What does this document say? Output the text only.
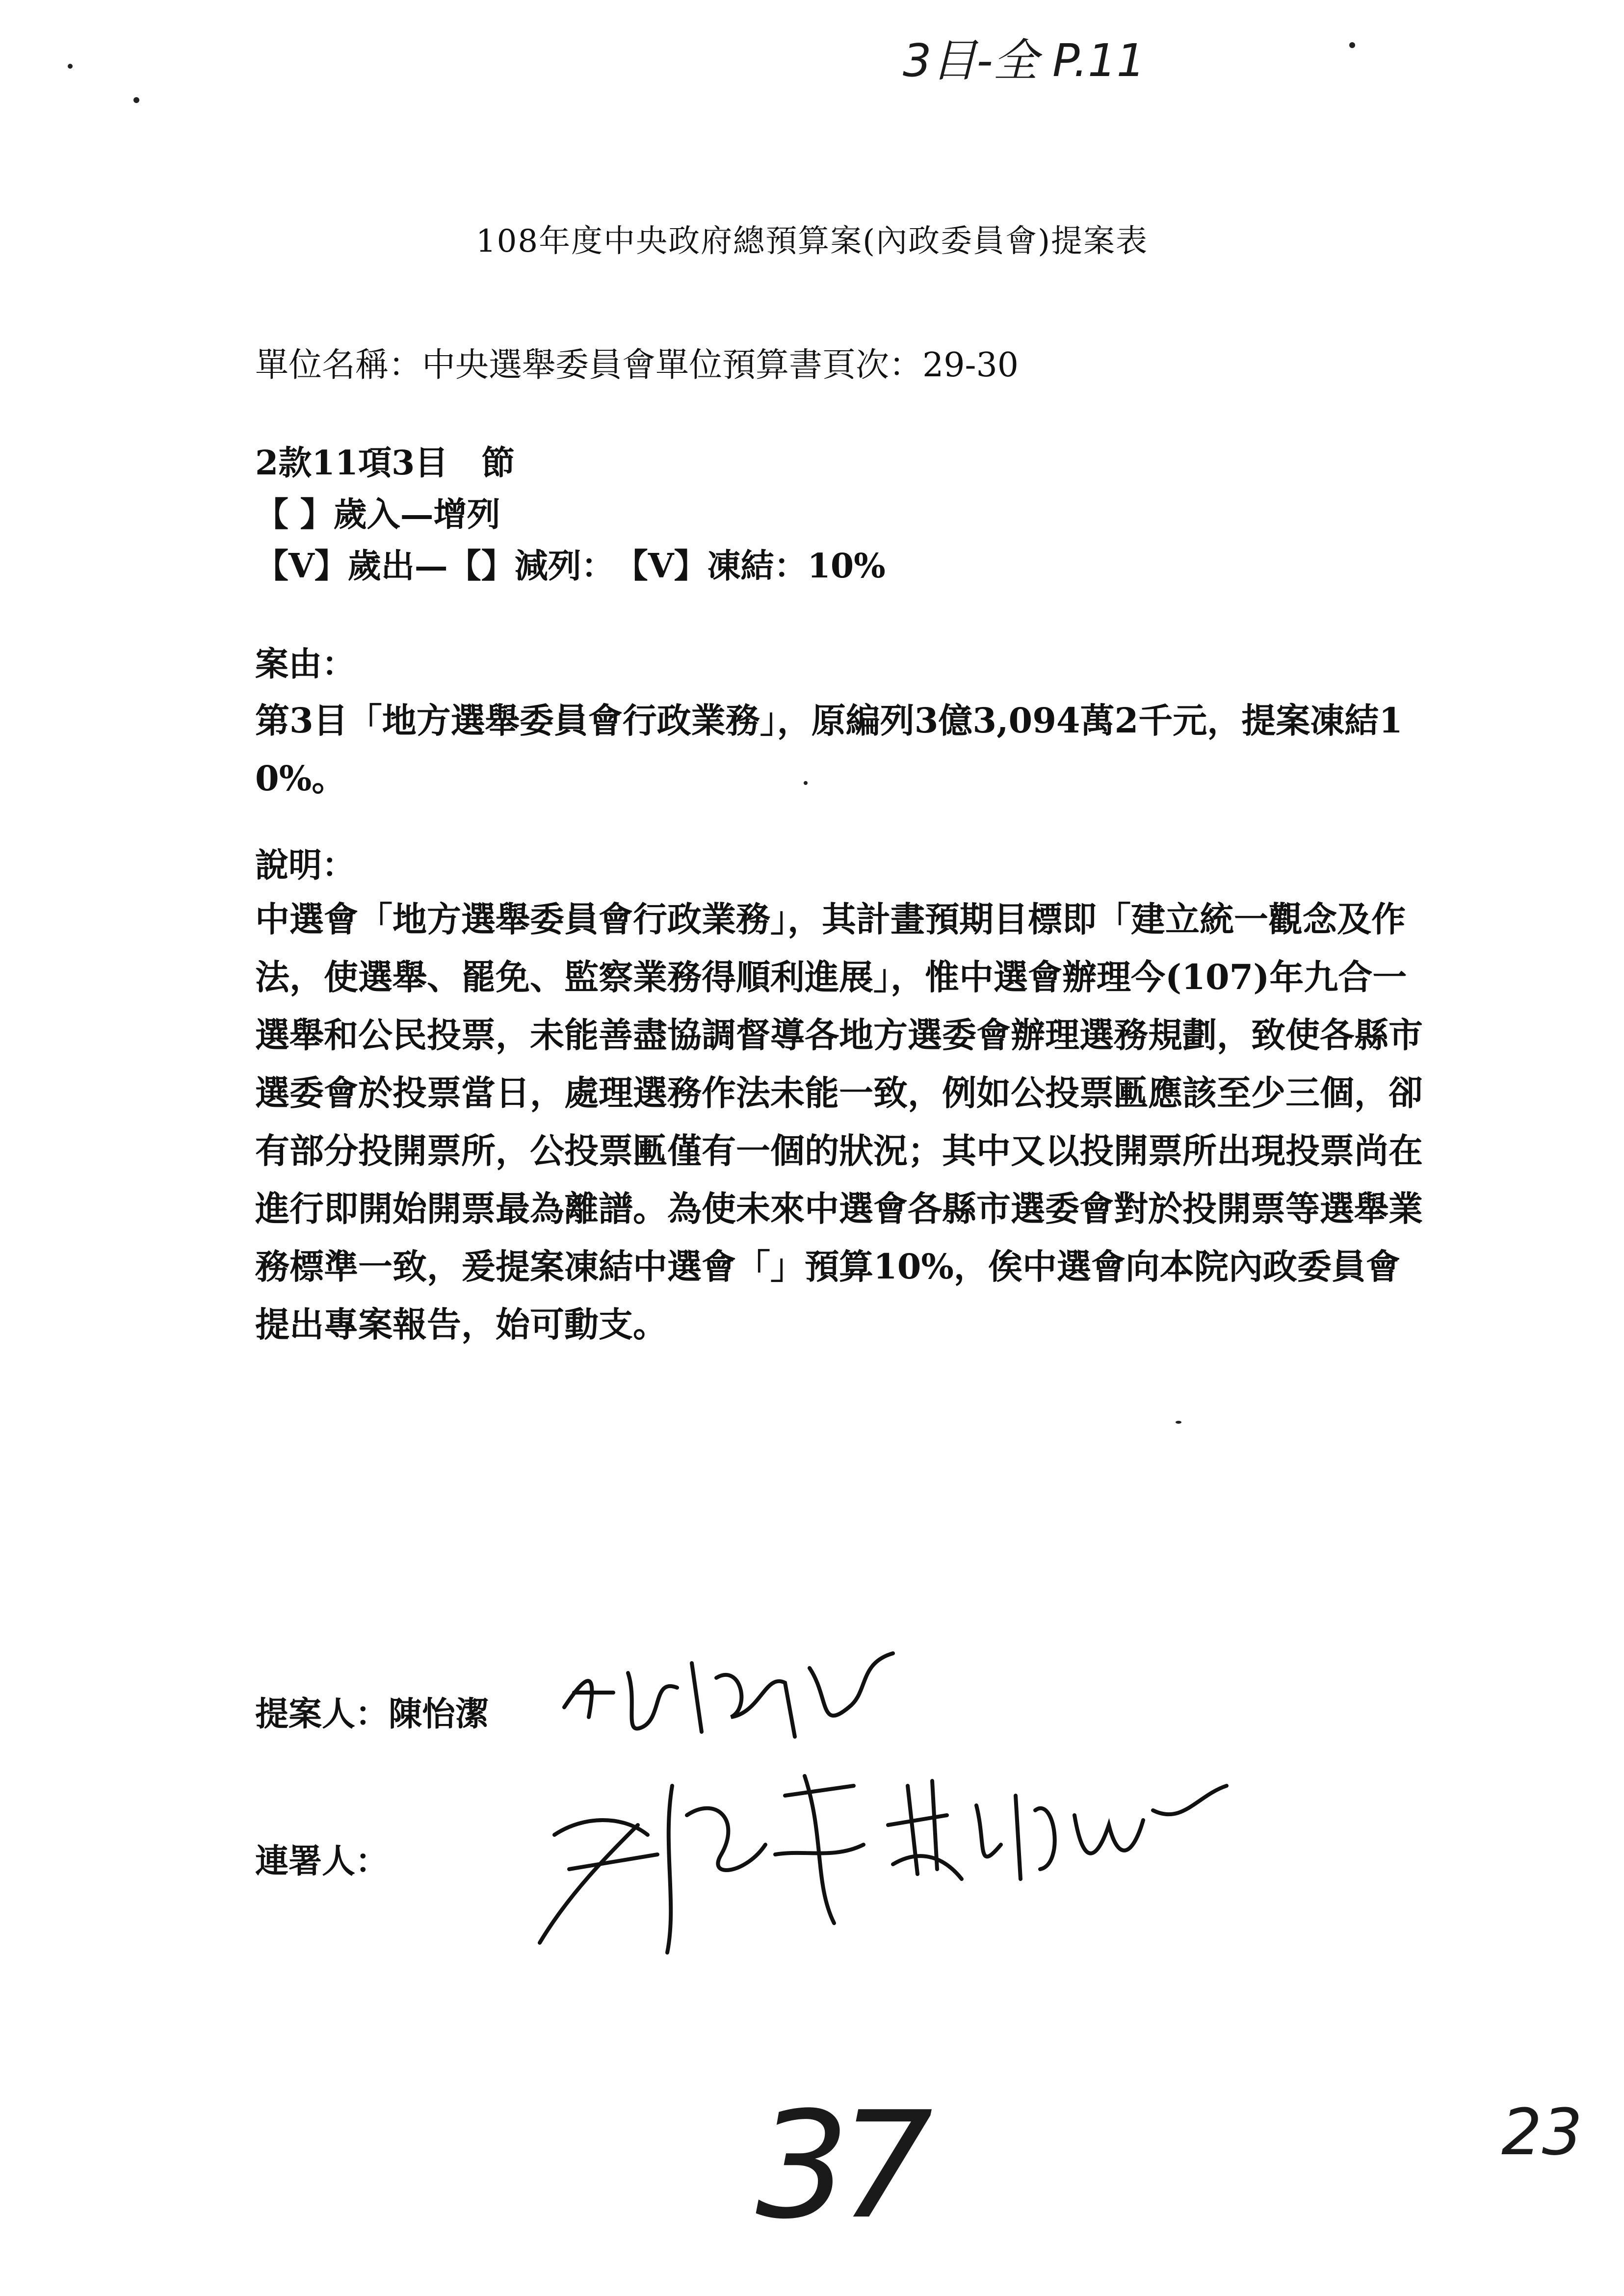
3目-全 P.11
108年度中央政府總預算案(內政委員會)提案表
單位名稱：中央選舉委員會單位預算書頁次：29-30
2款11項3目　節
【 】歲入—增列
【V】歲出—【】減列：　【V】凍結：10%
案由：
第3目「地方選舉委員會行政業務」，原編列3億3,094萬2千元，提案凍結10%。
說明：
中選會「地方選舉委員會行政業務」，其計畫預期目標即「建立統一觀念及作法，使選舉、罷免、監察業務得順利進展」，惟中選會辦理今(107)年九合一選舉和公民投票，未能善盡協調督導各地方選委會辦理選務規劃，致使各縣市選委會於投票當日，處理選務作法未能一致，例如公投票匭應該至少三個，卻有部分投開票所，公投票匭僅有一個的狀況；其中又以投開票所出現投票尚在進行即開始開票最為離譜。為使未來中選會各縣市選委會對於投開票等選舉業務標準一致，爰提案凍結中選會「」預算10%，俟中選會向本院內政委員會提出專案報告，始可動支。
提案人：陳怡潔
連署人：
37	23
